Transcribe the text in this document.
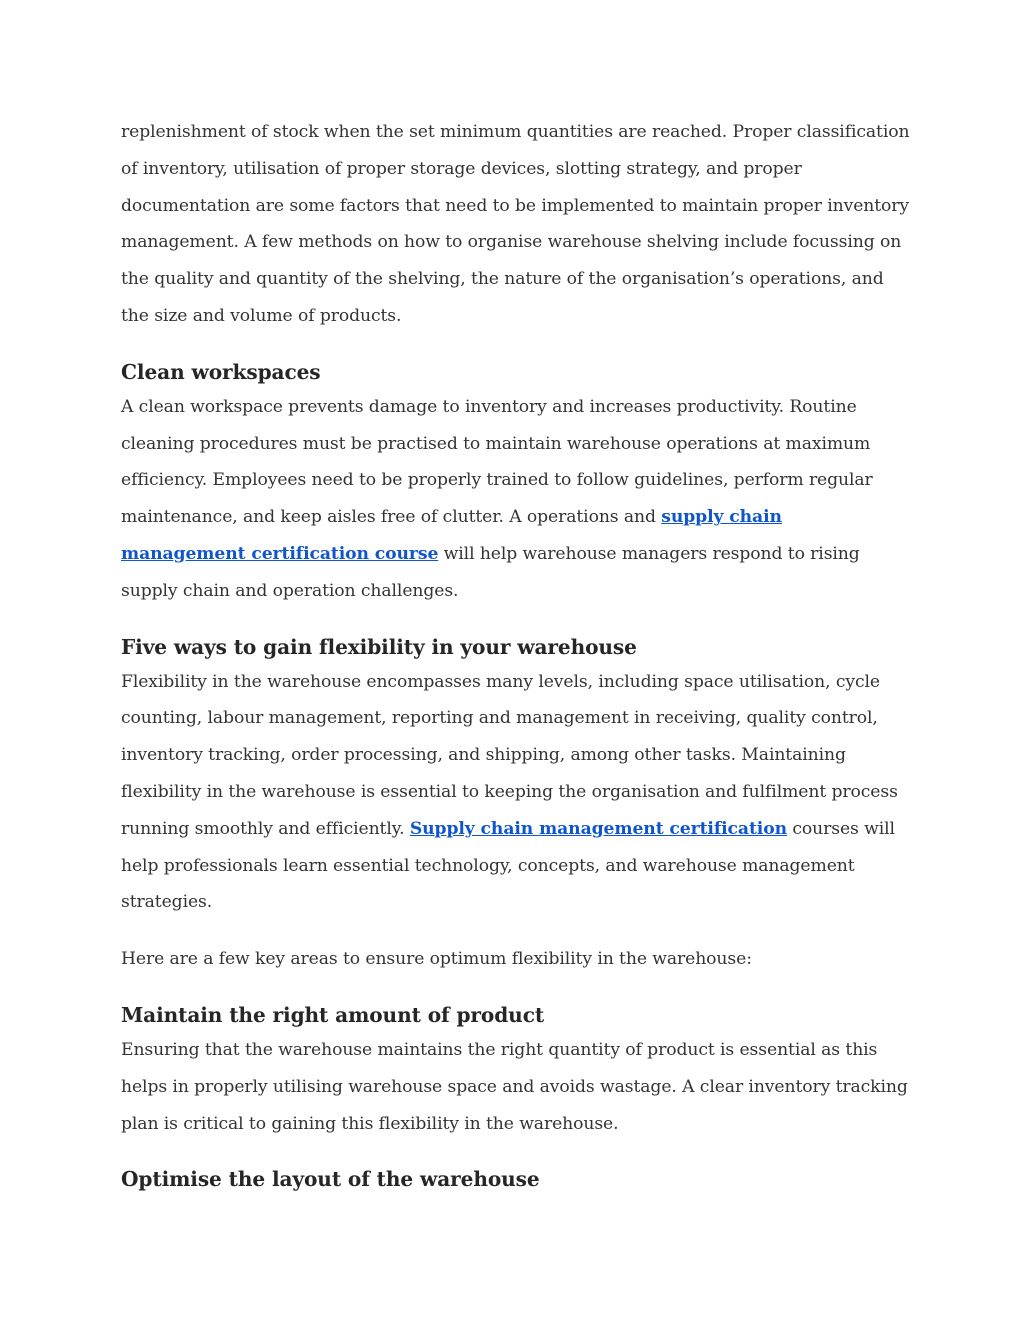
replenishment of stock when the set minimum quantities are reached. Proper classification of inventory, utilisation of proper storage devices, slotting strategy, and proper documentation are some factors that need to be implemented to maintain proper inventory management. A few methods on how to organise warehouse shelving include focussing on the quality and quantity of the shelving, the nature of the organisation’s operations, and the size and volume of products.

Clean workspaces

A clean workspace prevents damage to inventory and increases productivity. Routine cleaning procedures must be practised to maintain warehouse operations at maximum efficiency. Employees need to be properly trained to follow guidelines, perform regular maintenance, and keep aisles free of clutter. A operations and supply chain management certification course will help warehouse managers respond to rising supply chain and operation challenges.

Five ways to gain flexibility in your warehouse

Flexibility in the warehouse encompasses many levels, including space utilisation, cycle counting, labour management, reporting and management in receiving, quality control, inventory tracking, order processing, and shipping, among other tasks. Maintaining flexibility in the warehouse is essential to keeping the organisation and fulfilment process running smoothly and efficiently. Supply chain management certification courses will help professionals learn essential technology, concepts, and warehouse management strategies.

Here are a few key areas to ensure optimum flexibility in the warehouse:

Maintain the right amount of product

Ensuring that the warehouse maintains the right quantity of product is essential as this helps in properly utilising warehouse space and avoids wastage. A clear inventory tracking plan is critical to gaining this flexibility in the warehouse.

Optimise the layout of the warehouse
